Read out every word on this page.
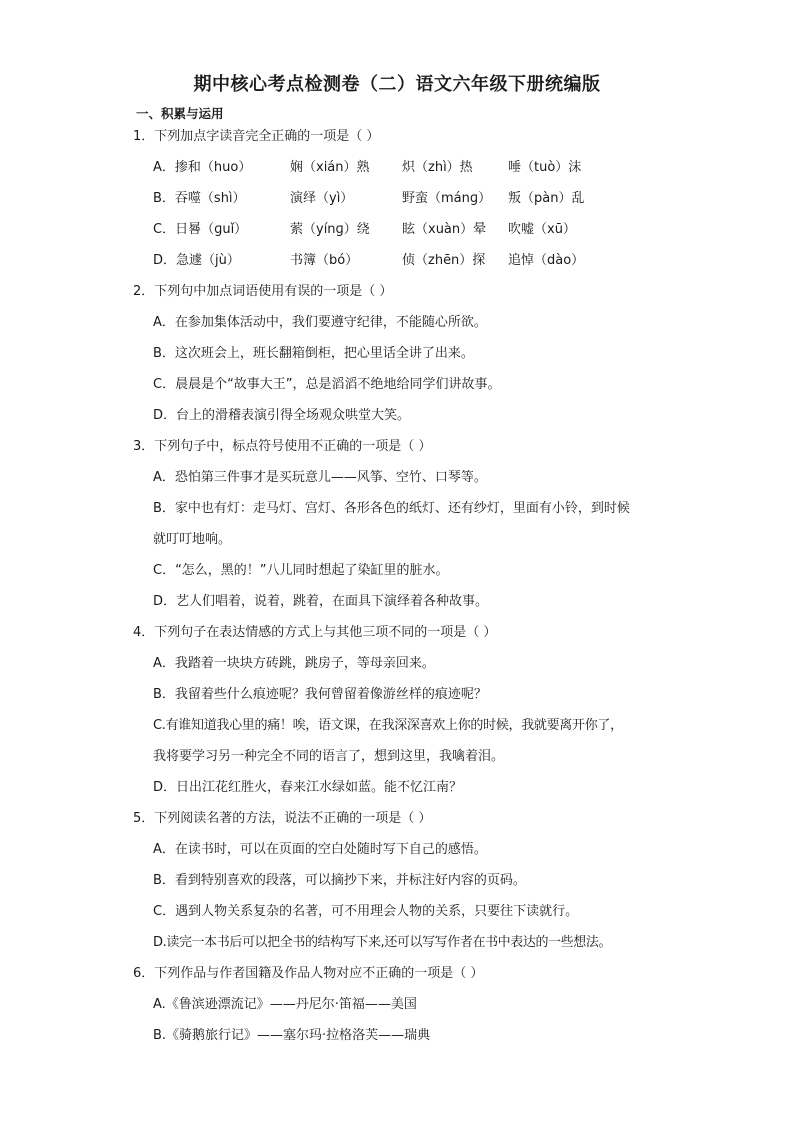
期中核心考点检测卷（二）语文六年级下册统编版
一、积累与运用
1．下列加点字读音完全正确的一项是（ ）
A．掺和（huo）	娴（xián）熟 炽（zhì）热	唾（tuò）沫
B．吞噬（shì）	演绎（yì）	野蛮（mánɡ） 叛（pàn）乱
C．日晷（ɡuǐ）	萦（yínɡ）绕 眩（xuàn）晕 吹嘘（xū）
D．急遽（jù）	书簿（bó）	侦（zhēn）探 追悼（dào）
2．下列句中加点词语使用有误的一项是（ ）
A．在参加集体活动中，我们要遵守纪律，不能随心所欲。
B．这次班会上，班长翻箱倒柜，把心里话全讲了出来。
C．晨晨是个“故事大王”，总是滔滔不绝地给同学们讲故事。
D．台上的滑稽表演引得全场观众哄堂大笑。
3．下列句子中，标点符号使用不正确的一项是（ ）
A．恐怕第三件事才是买玩意儿——风筝、空竹、口琴等。
B．家中也有灯：走马灯、宫灯、各形各色的纸灯、还有纱灯，里面有小铃，到时候
就叮叮地响。
C．“怎么，黑的！”八儿同时想起了染缸里的脏水。
D．艺人们唱着，说着，跳着，在面具下演绎着各种故事。
4．下列句子在表达情感的方式上与其他三项不同的一项是（ ）
A．我踏着一块块方砖跳，跳房子，等母亲回来。
B．我留着些什么痕迹呢？我何曾留着像游丝样的痕迹呢？
C.有谁知道我心里的痛！唉，语文课，在我深深喜欢上你的时候，我就要离开你了，
我将要学习另一种完全不同的语言了，想到这里，我噙着泪。
D．日出江花红胜火，春来江水绿如蓝。能不忆江南？
5．下列阅读名著的方法，说法不正确的一项是（ ）
A．在读书时，可以在页面的空白处随时写下自己的感悟。
B．看到特别喜欢的段落，可以摘抄下来，并标注好内容的页码。
C．遇到人物关系复杂的名著，可不用理会人物的关系，只要往下读就行。
D.读完一本书后可以把全书的结构写下来,还可以写写作者在书中表达的一些想法。
6．下列作品与作者国籍及作品人物对应不正确的一项是（ ）
A.《鲁滨逊漂流记》——丹尼尔·笛福——美国
B.《骑鹅旅行记》——塞尔玛·拉格洛芙——瑞典
